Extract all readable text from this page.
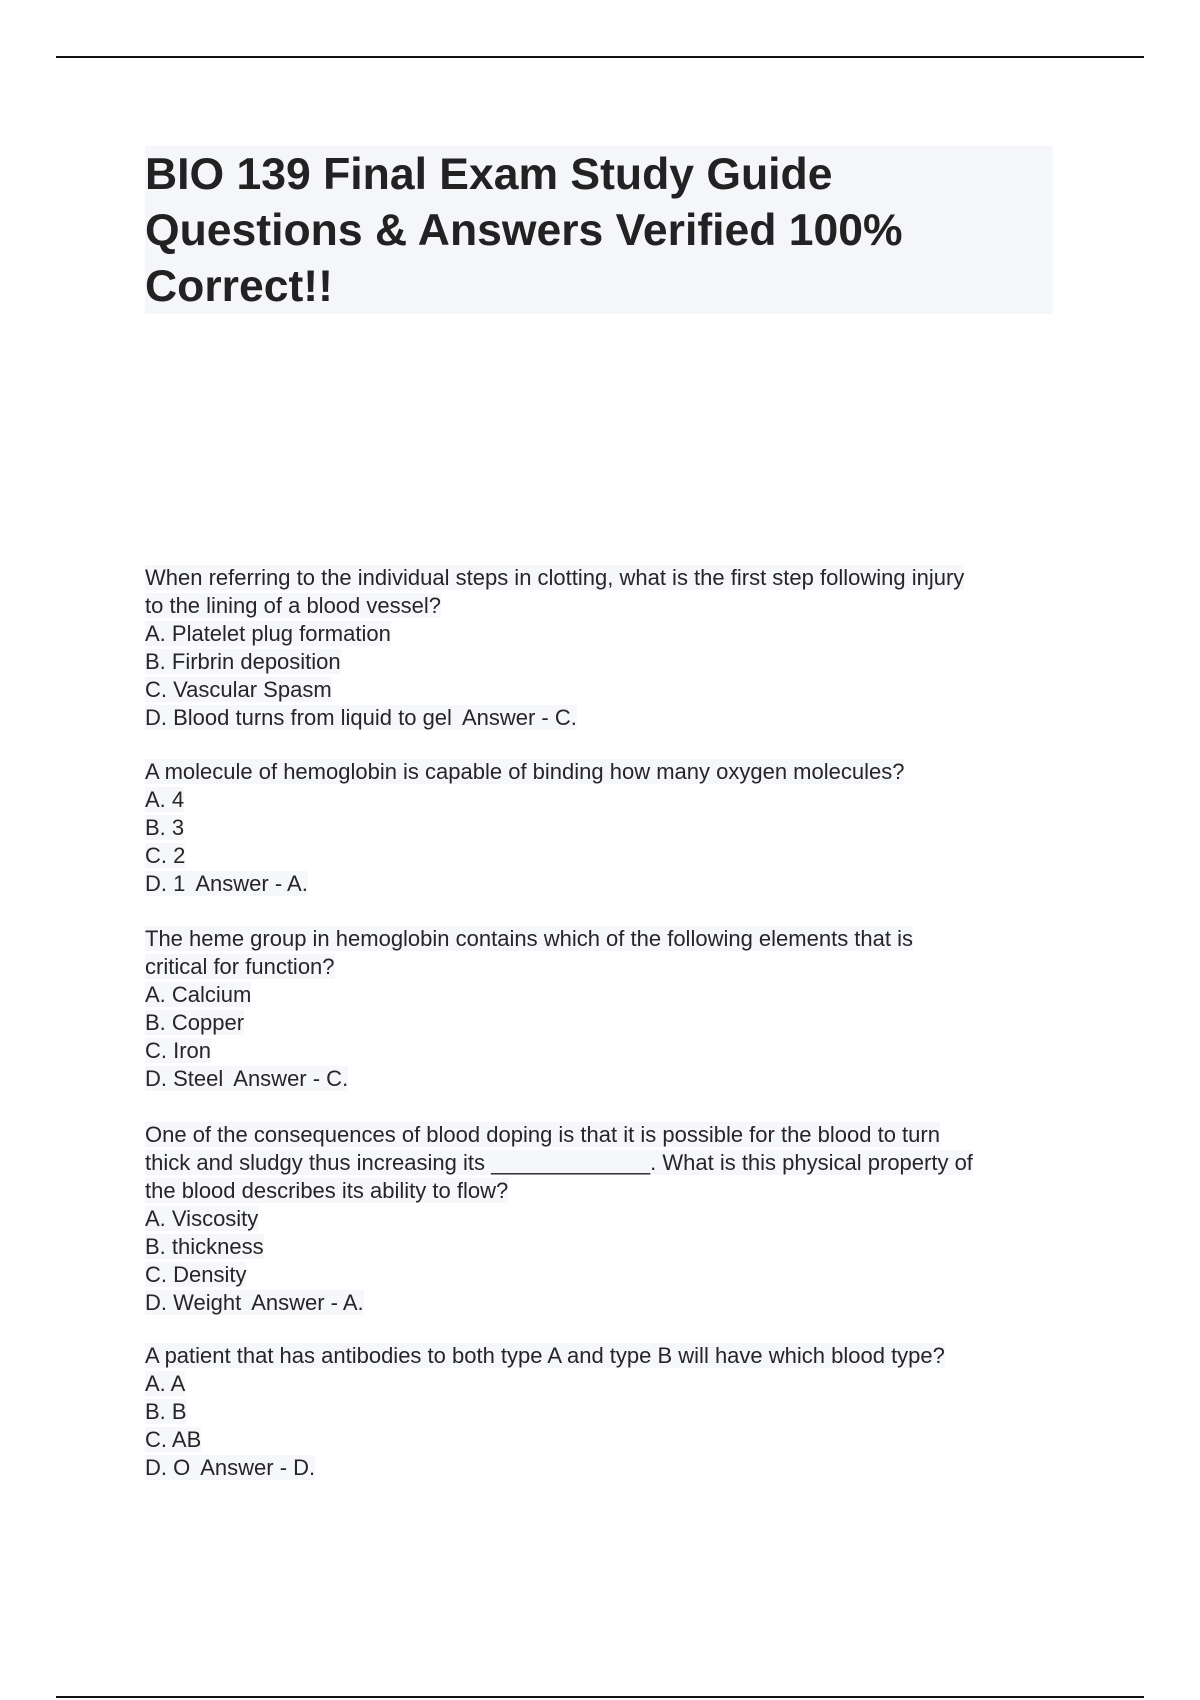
BIO 139 Final Exam Study Guide
Questions & Answers Verified 100%
Correct!!
When referring to the individual steps in clotting, what is the first step following injury
to the lining of a blood vessel?
A. Platelet plug formation
B. Firbrin deposition
C. Vascular Spasm
D. Blood turns from liquid to gel Answer - C.
A molecule of hemoglobin is capable of binding how many oxygen molecules?
A. 4
B. 3
C. 2
D. 1 Answer - A.
The heme group in hemoglobin contains which of the following elements that is
critical for function?
A. Calcium
B. Copper
C. Iron
D. Steel Answer - C.
One of the consequences of blood doping is that it is possible for the blood to turn
thick and sludgy thus increasing its _____________. What is this physical property of
the blood describes its ability to flow?
A. Viscosity
B. thickness
C. Density
D. Weight Answer - A.
A patient that has antibodies to both type A and type B will have which blood type?
A. A
B. B
C. AB
D. O Answer - D.
